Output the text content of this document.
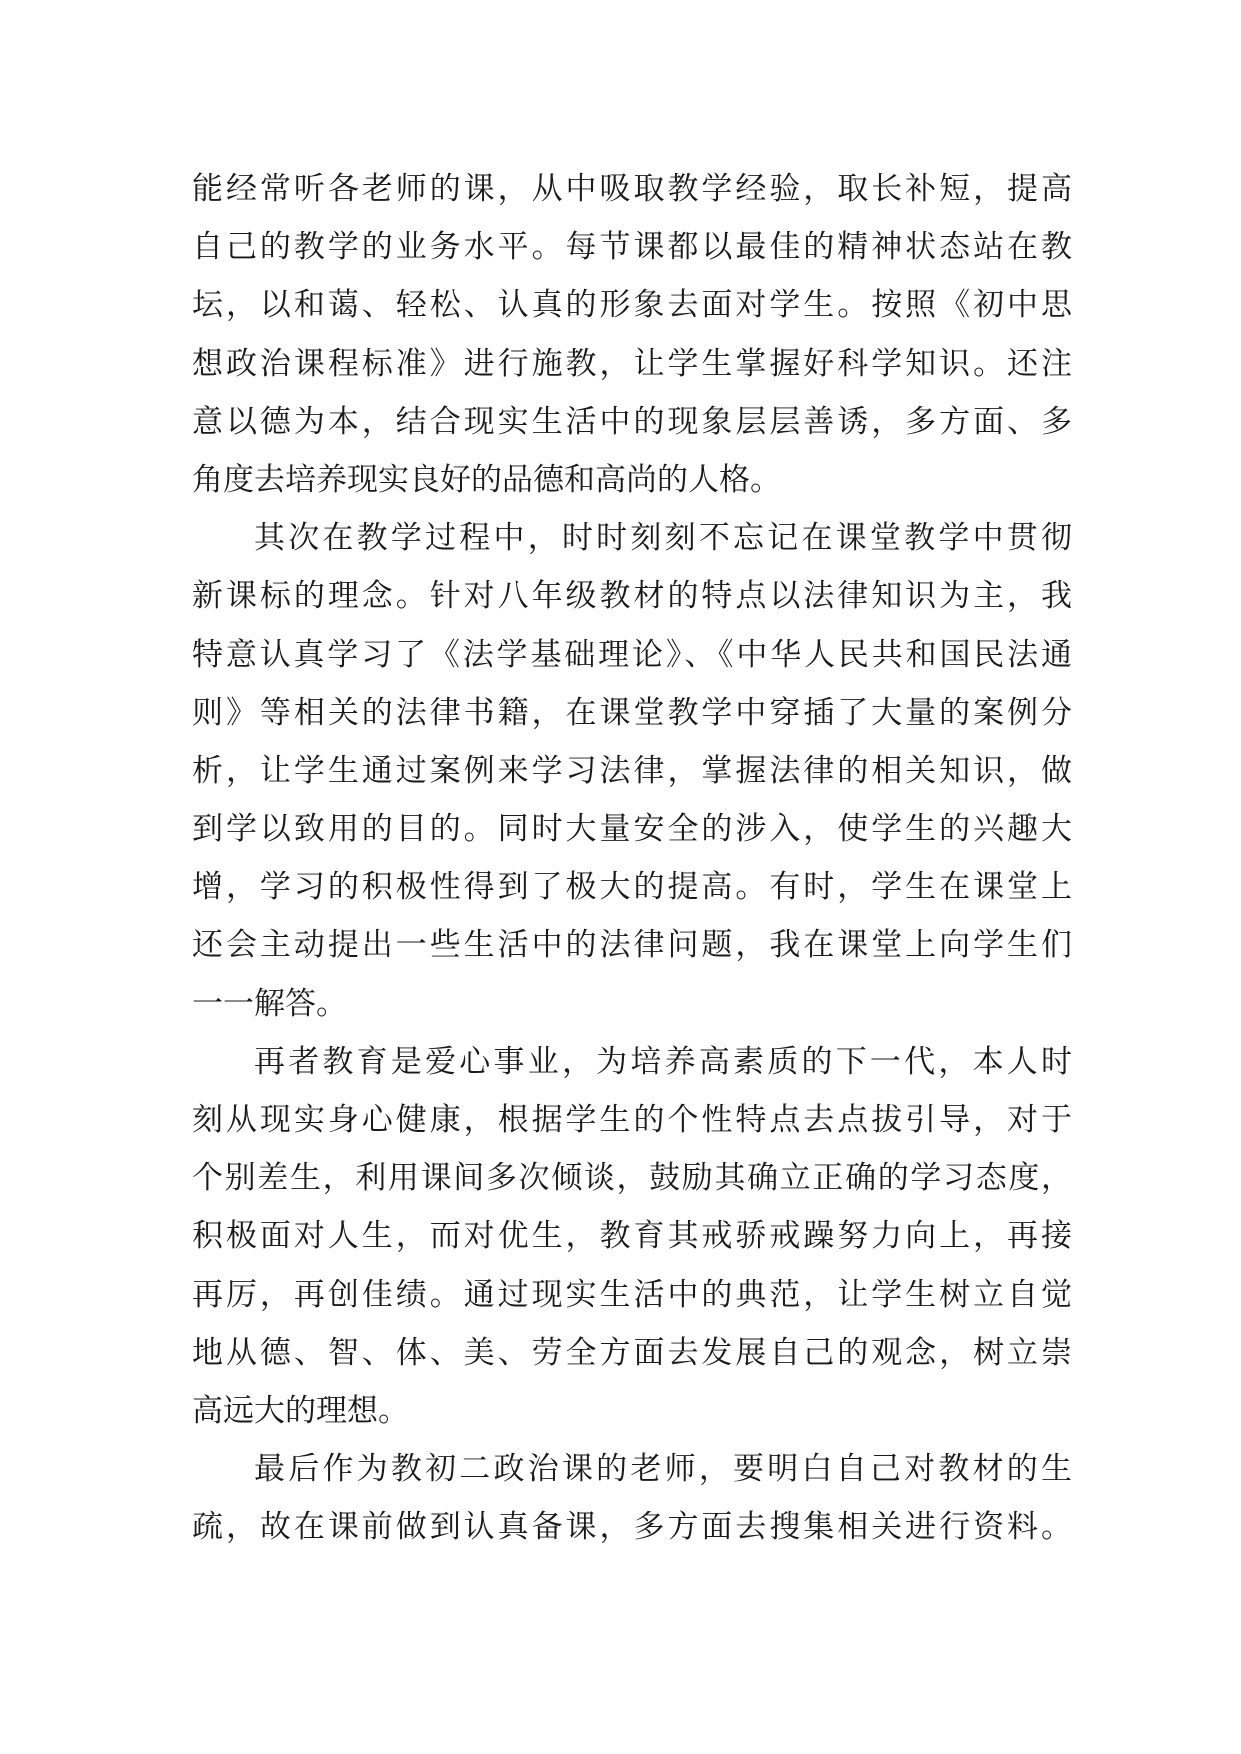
能经常听各老师的课，从中吸取教学经验，取长补短，提高
自己的教学的业务水平。每节课都以最佳的精神状态站在教
坛，以和蔼、轻松、认真的形象去面对学生。按照《初中思
想政治课程标准》进行施教，让学生掌握好科学知识。还注
意以德为本，结合现实生活中的现象层层善诱，多方面、多
角度去培养现实良好的品德和高尚的人格。
其次在教学过程中，时时刻刻不忘记在课堂教学中贯彻
新课标的理念。针对八年级教材的特点以法律知识为主，我
特意认真学习了《法学基础理论》、《中华人民共和国民法通
则》等相关的法律书籍，在课堂教学中穿插了大量的案例分
析，让学生通过案例来学习法律，掌握法律的相关知识，做
到学以致用的目的。同时大量安全的涉入，使学生的兴趣大
增，学习的积极性得到了极大的提高。有时，学生在课堂上
还会主动提出一些生活中的法律问题，我在课堂上向学生们
一一解答。
再者教育是爱心事业，为培养高素质的下一代，本人时
刻从现实身心健康，根据学生的个性特点去点拔引导，对于
个别差生，利用课间多次倾谈，鼓励其确立正确的学习态度，
积极面对人生，而对优生，教育其戒骄戒躁努力向上，再接
再厉，再创佳绩。通过现实生活中的典范，让学生树立自觉
地从德、智、体、美、劳全方面去发展自己的观念，树立崇
高远大的理想。
最后作为教初二政治课的老师，要明白自己对教材的生
疏，故在课前做到认真备课，多方面去搜集相关进行资料。
